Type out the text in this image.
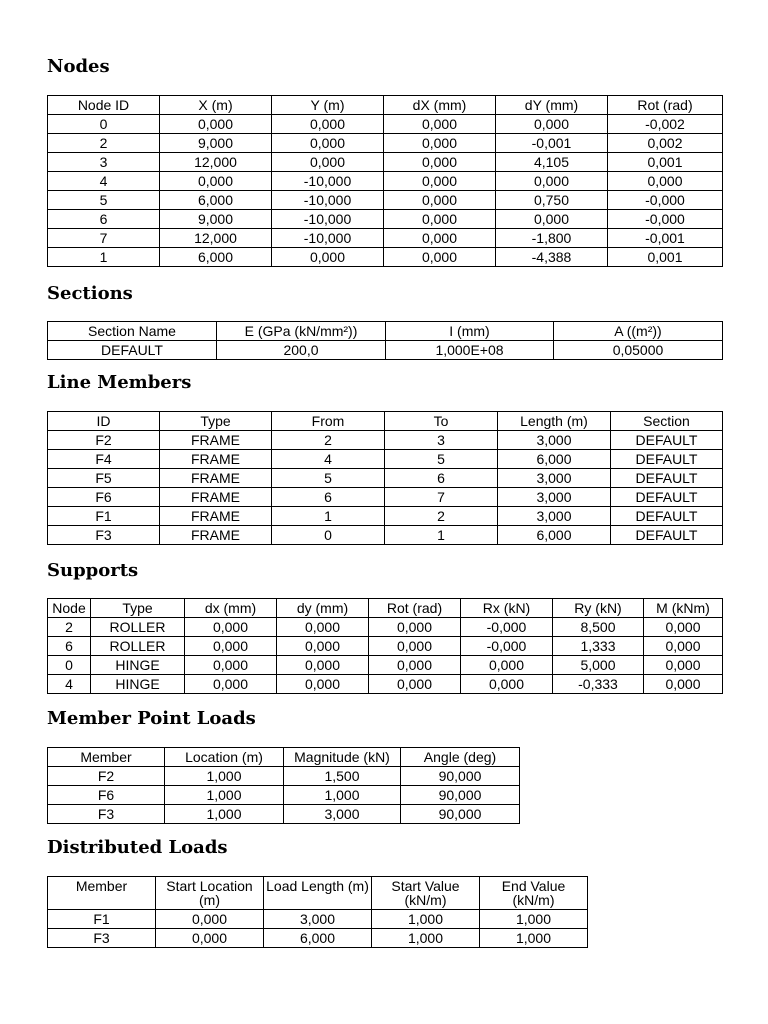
Nodes
Node ID	X (m)	Y (m)	dX (mm)	dY (mm)	Rot (rad)
0	0,000	0,000	0,000	0,000	-0,002
2	9,000	0,000	0,000	-0,001	0,002
3	12,000	0,000	0,000	4,105	0,001
4	0,000	-10,000	0,000	0,000	0,000
5	6,000	-10,000	0,000	0,750	-0,000
6	9,000	-10,000	0,000	0,000	-0,000
7	12,000	-10,000	0,000	-1,800	-0,001
1	6,000	0,000	0,000	-4,388	0,001
Sections
Section Name	E (GPa (kN/mm²))	I (mm)	A ((m²))
DEFAULT	200,0	1,000E+08	0,05000
Line Members
ID	Type	From	To	Length (m)	Section
F2	FRAME	2	3	3,000	DEFAULT
F4	FRAME	4	5	6,000	DEFAULT
F5	FRAME	5	6	3,000	DEFAULT
F6	FRAME	6	7	3,000	DEFAULT
F1	FRAME	1	2	3,000	DEFAULT
F3	FRAME	0	1	6,000	DEFAULT
Supports
Node	Type	dx (mm)	dy (mm)	Rot (rad)	Rx (kN)	Ry (kN)	M (kNm)
2	ROLLER	0,000	0,000	0,000	-0,000	8,500	0,000
6	ROLLER	0,000	0,000	0,000	-0,000	1,333	0,000
0	HINGE	0,000	0,000	0,000	0,000	5,000	0,000
4	HINGE	0,000	0,000	0,000	0,000	-0,333	0,000
Member Point Loads
Member	Location (m)	Magnitude (kN)	Angle (deg)
F2	1,000	1,500	90,000
F6	1,000	1,000	90,000
F3	1,000	3,000	90,000
Distributed Loads
Member	Start Location (m)	Load Length (m)	Start Value (kN/m)	End Value (kN/m)
F1	0,000	3,000	1,000	1,000
F3	0,000	6,000	1,000	1,000
